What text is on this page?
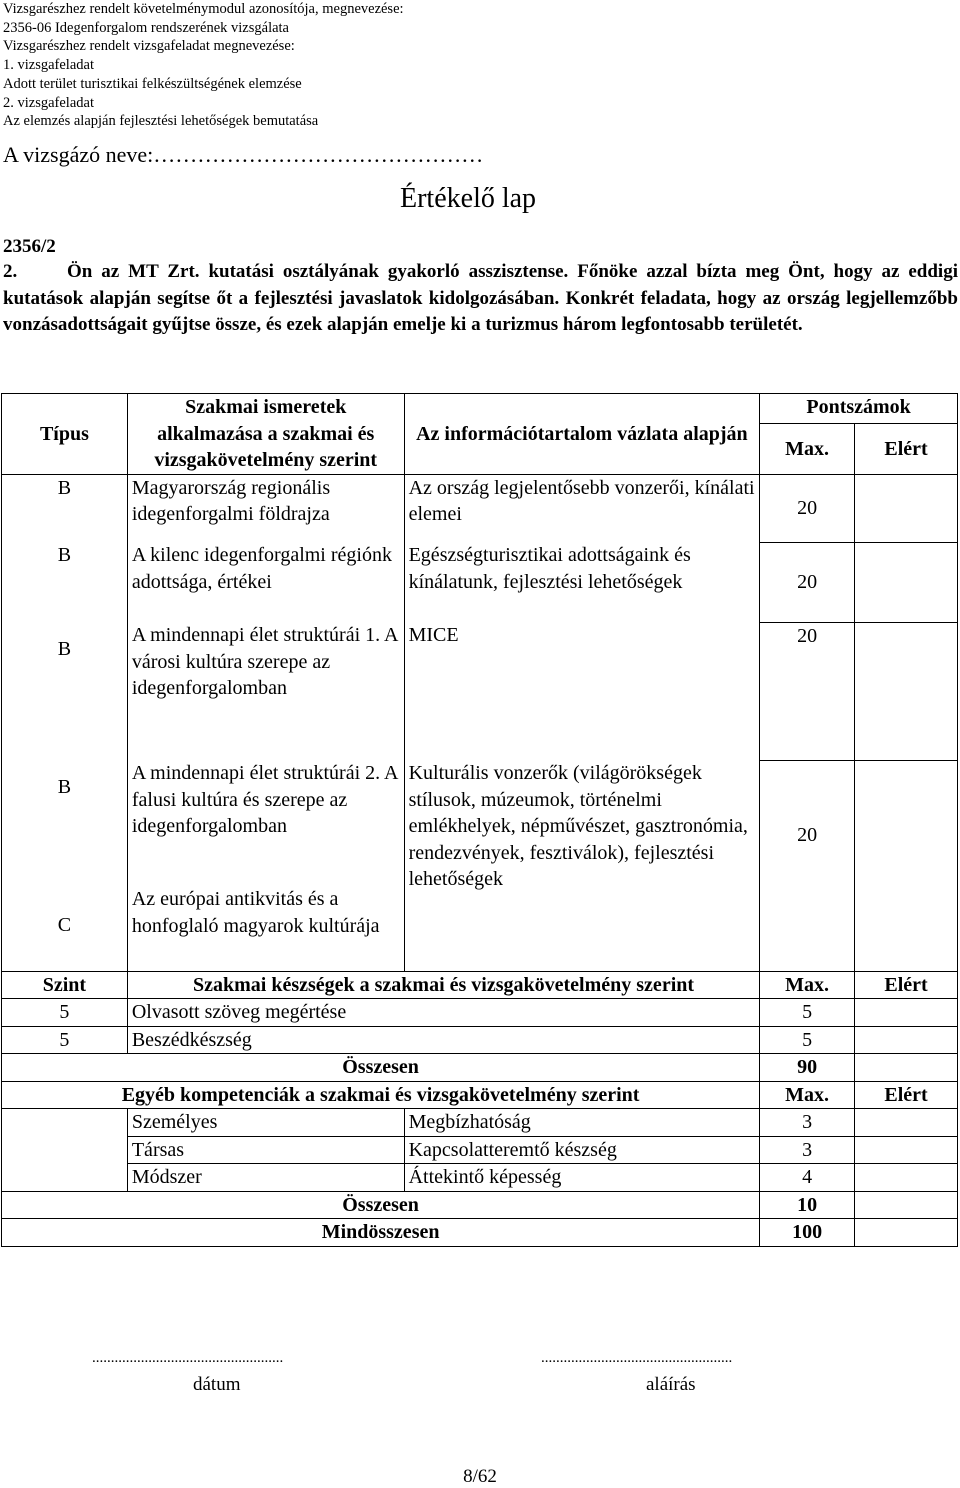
Vizsgarészhez rendelt követelménymodul azonosítója, megnevezése:
2356-06 Idegenforgalom rendszerének vizsgálata
Vizsgarészhez rendelt vizsgafeladat megnevezése:
1. vizsgafeladat
Adott terület turisztikai felkészültségének elemzése
2. vizsgafeladat
Az elemzés alapján fejlesztési lehetőségek bemutatása
A vizsgázó neve:………………………………………
Értékelő lap
2356/2
2.	Ön az MT Zrt. kutatási osztályának gyakorló asszisztense. Főnöke azzal bízta meg Önt, hogy az eddigi kutatások alapján segítse őt a fejlesztési javaslatok kidolgozásában. Konkrét feladata, hogy az ország legjellemzőbb vonzásadottságait gyűjtse össze, és ezek alapján emelje ki a turizmus három legfontosabb területét.
Típus	Szakmai ismeretek alkalmazása a szakmai és vizsgakövetelmény szerint	Az információtartalom vázlata alapján	Pontszámok	
			Max.	Elért
B	Magyarország regionális idegenforgalmi földrajza	Az ország legjelentősebb vonzerői, kínálati elemei	20	
B	A kilenc idegenforgalmi régiónk adottsága, értékei	Egészségturisztikai adottságaink és kínálatunk, fejlesztési lehetőségek	20	
B	A mindennapi élet struktúrái 1. A városi kultúra szerepe az idegenforgalomban	MICE	20	
B	A mindennapi élet struktúrái 2. A falusi kultúra és szerepe az idegenforgalomban	Kulturális vonzerők (világörökségek stílusok, múzeumok, történelmi emlékhelyek, népművészet, gasztronómia, rendezvények, fesztiválok), fejlesztési lehetőségek	20	
C	Az európai antikvitás és a honfoglaló magyarok kultúrája			
Szint	Szakmai készségek a szakmai és vizsgakövetelmény szerint		Max.	Elért
5	Olvasott szöveg megértése		5	
5	Beszédkészség		5	
Összesen			90	
Egyéb kompetenciák a szakmai és vizsgakövetelmény szerint			Max.	Elért
	Személyes	Megbízhatóság	3	
	Társas	Kapcsolatteremtő készség	3	
	Módszer	Áttekintő képesség	4	
Összesen			10	
Mindösszesen			100	
...................................................	...................................................
dátum	aláírás
8/62
